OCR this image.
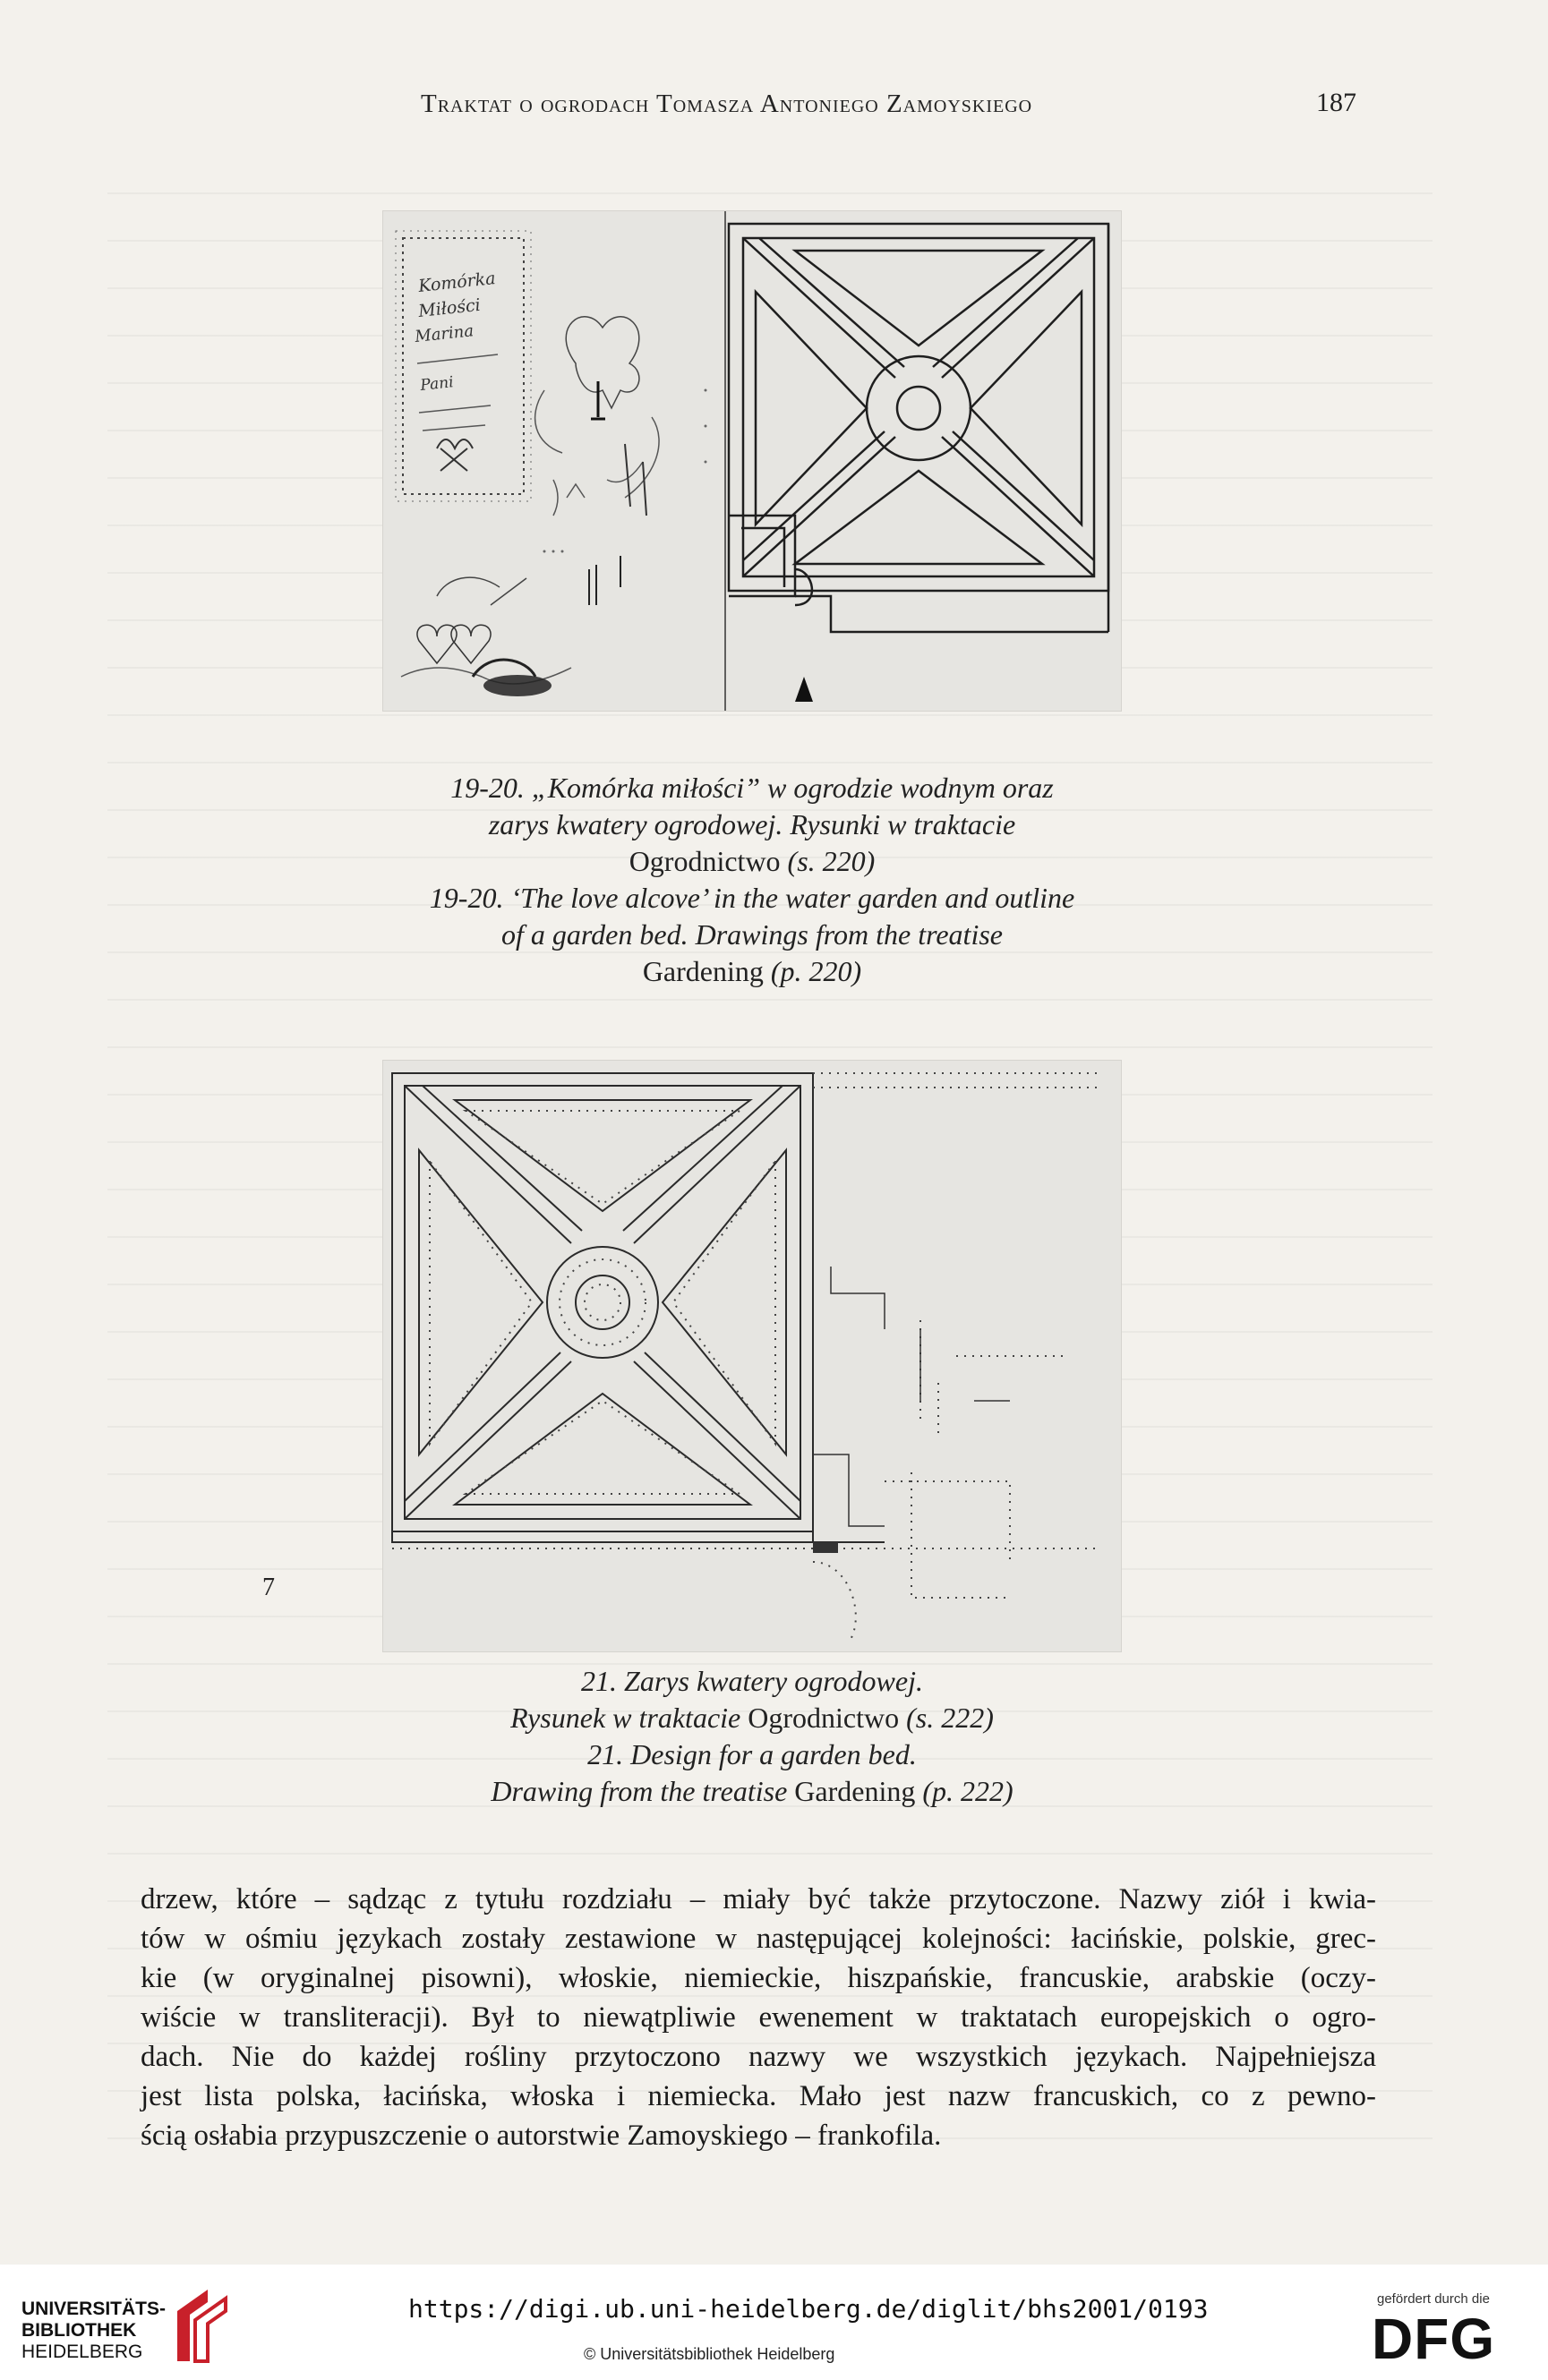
Traktat o ogrodach Tomasza Antoniego Zamoyskiego	187
Komórka
Miłości
Marina
Pani
19-20. „Komórka miłości” w ogrodzie wodnym oraz
zarys kwatery ogrodowej. Rysunki w traktacie
Ogrodnictwo (s. 220)
19-20. ‘The love alcove’ in the water garden and outline
of a garden bed. Drawings from the treatise
Gardening (p. 220)
7
21. Zarys kwatery ogrodowej.
Rysunek w traktacie Ogrodnictwo (s. 222)
21. Design for a garden bed.
Drawing from the treatise Gardening (p. 222)
drzew, które – sądząc z tytułu rozdziału – miały być także przytoczone. Nazwy ziół i kwia-
tów w ośmiu językach zostały zestawione w następującej kolejności: łacińskie, polskie, grec-
kie (w oryginalnej pisowni), włoskie, niemieckie, hiszpańskie, francuskie, arabskie (oczy-
wiście w transliteracji). Był to niewątpliwie ewenement w traktatach europejskich o ogro-
dach. Nie do każdej rośliny przytoczono nazwy we wszystkich językach. Najpełniejsza
jest lista polska, łacińska, włoska i niemiecka. Mało jest nazw francuskich, co z pewno-
ścią osłabia przypuszczenie o autorstwie Zamoyskiego – frankofila.
UNIVERSITÄTS-
BIBLIOTHEK
HEIDELBERG
https://digi.ub.uni-heidelberg.de/diglit/bhs2001/0193
© Universitätsbibliothek Heidelberg
gefördert durch die
DFG
